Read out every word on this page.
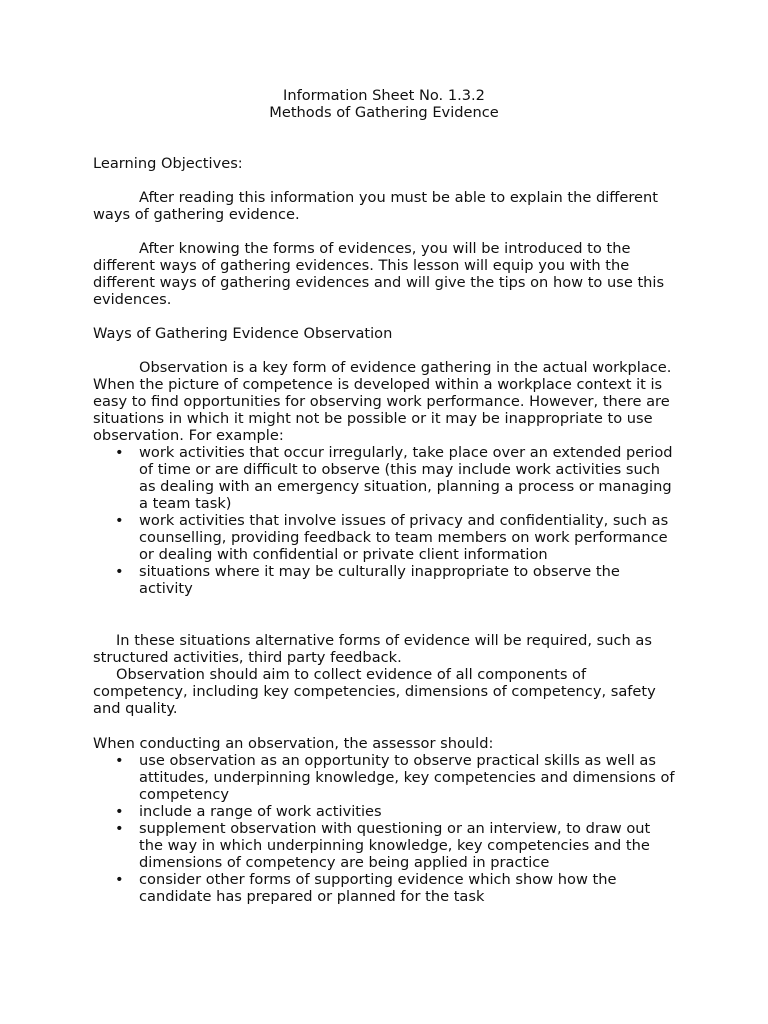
Information Sheet No. 1.3.2

Methods of Gathering Evidence

Learning Objectives:

After reading this information you must be able to explain the different ways of gathering evidence.

After knowing the forms of evidences, you will be introduced to the different ways of gathering evidences. This lesson will equip you with the different ways of gathering evidences and will give the tips on how to use this evidences.

Ways of Gathering Evidence Observation

Observation is a key form of evidence gathering in the actual workplace. When the picture of competence is developed within a workplace context it is easy to find opportunities for observing work performance. However, there are situations in which it might not be possible or it may be inappropriate to use observation. For example:

• work activities that occur irregularly, take place over an extended period of time or are difficult to observe (this may include work activities such as dealing with an emergency situation, planning a process or managing a team task)
• work activities that involve issues of privacy and confidentiality, such as counselling, providing feedback to team members on work performance or dealing with confidential or private client information
• situations where it may be culturally inappropriate to observe the activity

In these situations alternative forms of evidence will be required, such as structured activities, third party feedback.

Observation should aim to collect evidence of all components of competency, including key competencies, dimensions of competency, safety and quality.

When conducting an observation, the assessor should:

• use observation as an opportunity to observe practical skills as well as attitudes, underpinning knowledge, key competencies and dimensions of competency
• include a range of work activities
• supplement observation with questioning or an interview, to draw out the way in which underpinning knowledge, key competencies and the dimensions of competency are being applied in practice
• consider other forms of supporting evidence which show how the candidate has prepared or planned for the task
